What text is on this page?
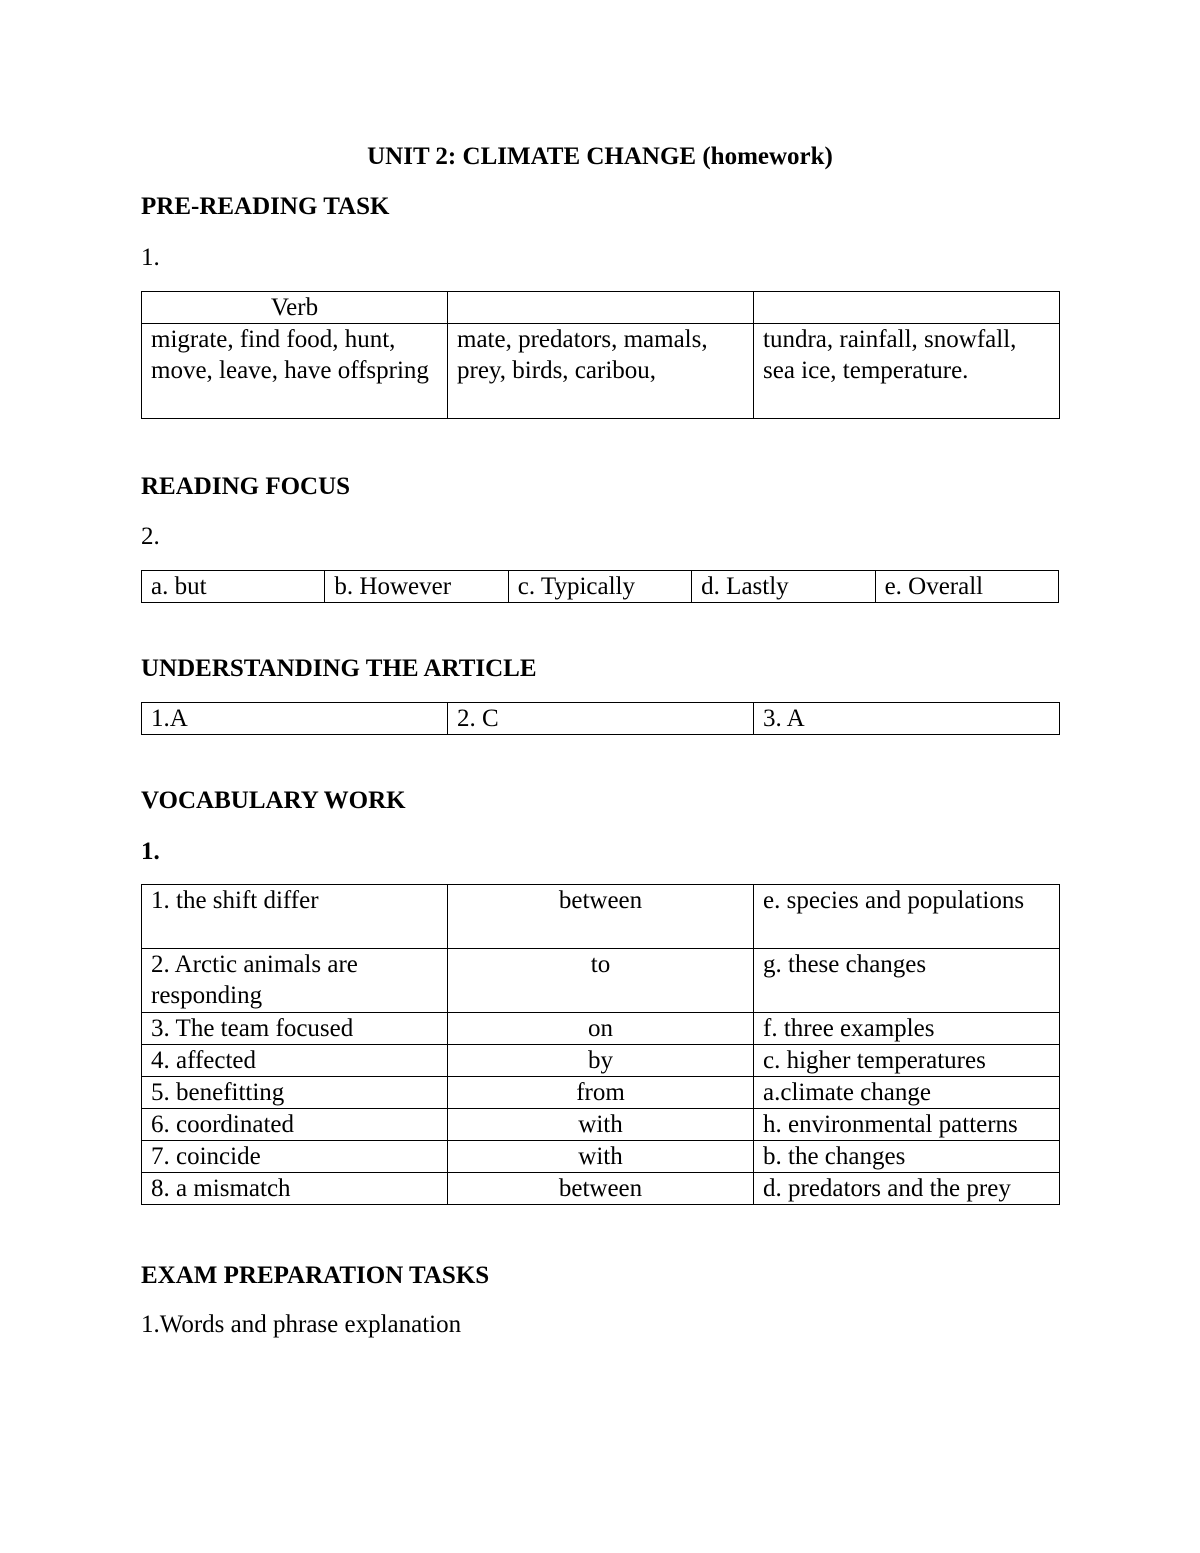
UNIT 2: CLIMATE CHANGE (homework)
PRE-READING TASK
1.
Verb		
migrate, find food, hunt, move, leave, have offspring	mate, predators, mamals, prey, birds, caribou,	tundra, rainfall, snowfall, sea ice, temperature.
READING FOCUS
2.
a. but	b. However	c. Typically	d. Lastly	e. Overall
UNDERSTANDING THE ARTICLE
1.A	2. C	3. A
VOCABULARY WORK
1.
1. the shift differ	between	e. species and populations
2. Arctic animals are responding	to	g. these changes
3. The team focused	on	f. three examples
4. affected	by	c. higher temperatures
5. benefitting	from	a.climate change
6. coordinated	with	h. environmental patterns
7. coincide	with	b. the changes
8. a mismatch	between	d. predators and the prey
EXAM PREPARATION TASKS
1.Words and phrase explanation
